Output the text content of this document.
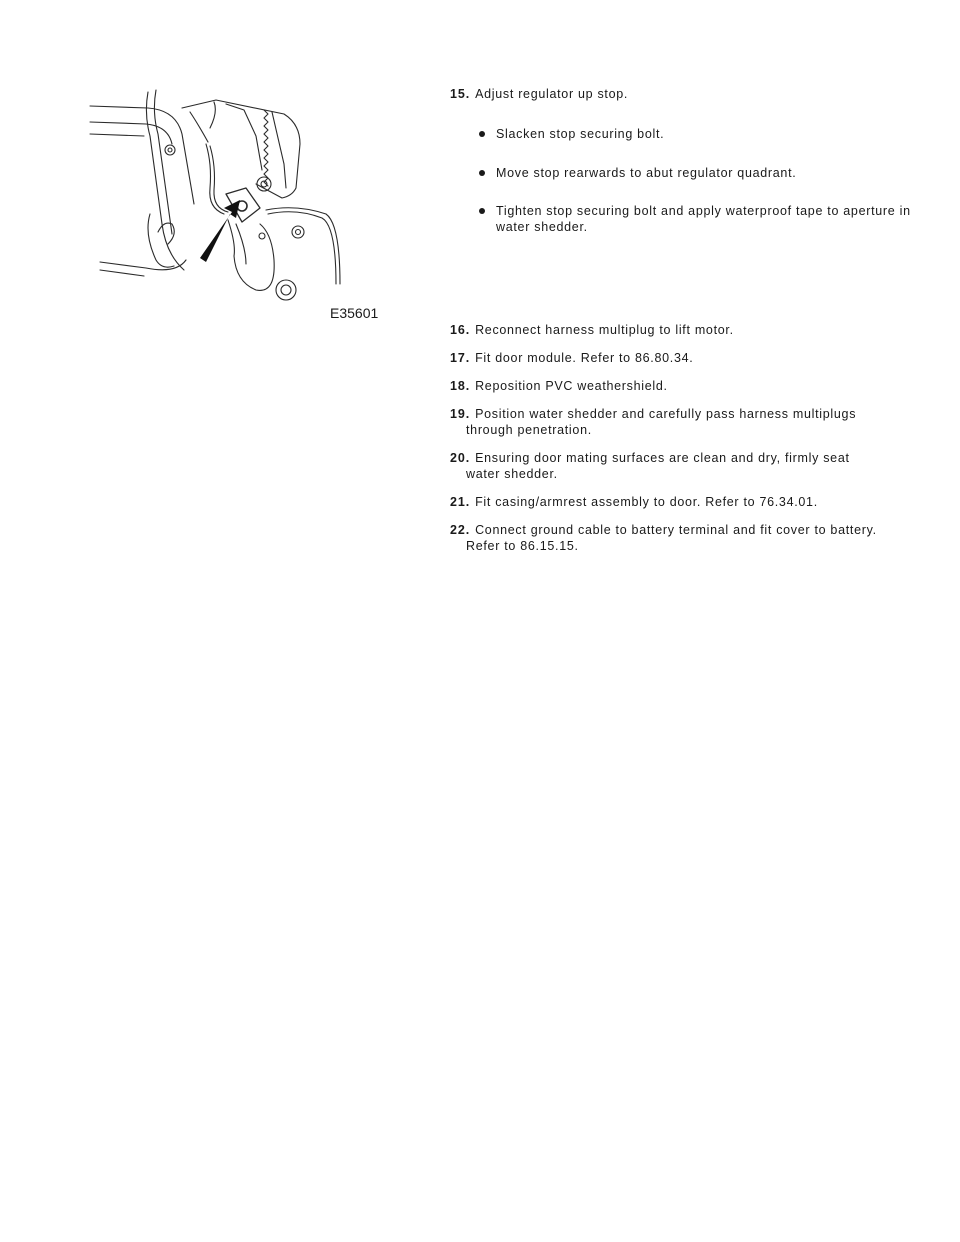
E35601

15. Adjust regulator up stop.

Slacken stop securing bolt.

Move stop rearwards to abut regulator quadrant.

Tighten stop securing bolt and apply waterproof tape to aperture in water shedder.

16. Reconnect harness multiplug to lift motor.

17. Fit door module. Refer to 86.80.34.

18. Reposition PVC weathershield.

19. Position water shedder and carefully pass harness multiplugs through penetration.

20. Ensuring door mating surfaces are clean and dry, firmly seat water shedder.

21. Fit casing/armrest assembly to door. Refer to 76.34.01.

22. Connect ground cable to battery terminal and fit cover to battery. Refer to 86.15.15.
